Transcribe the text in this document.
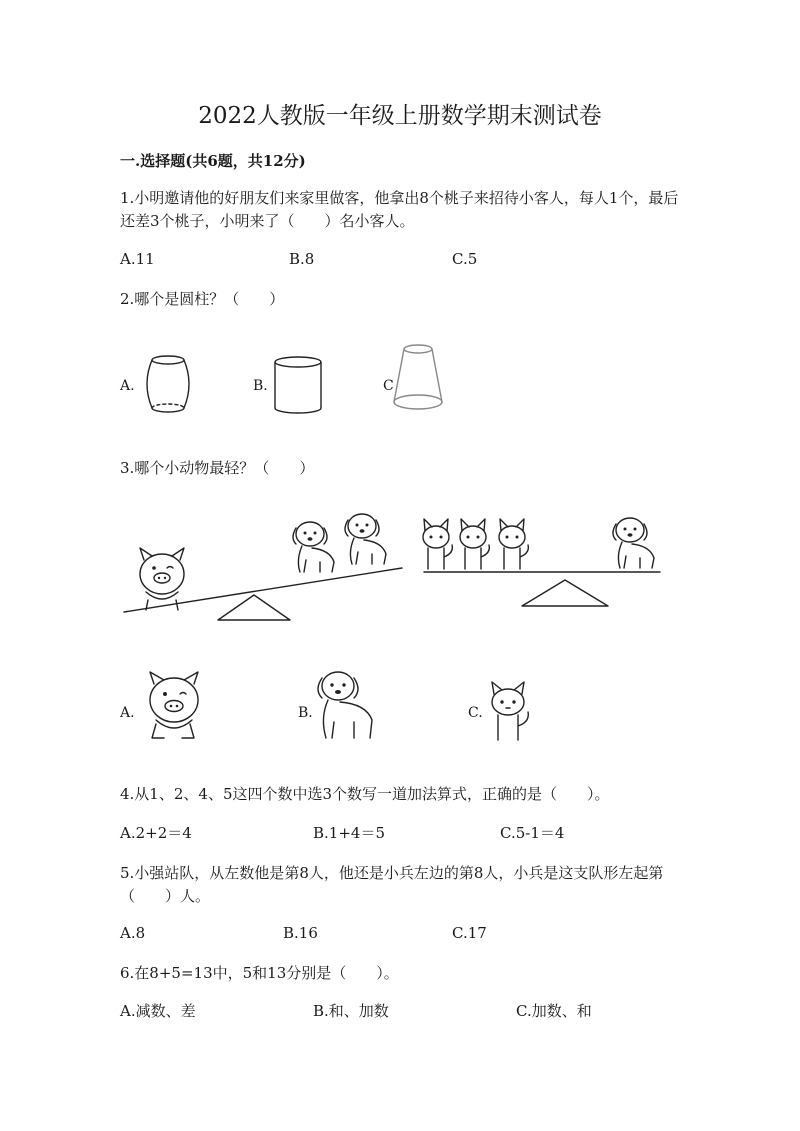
2022人教版一年级上册数学期末测试卷
一.选择题(共6题，共12分)
1.小明邀请他的好朋友们来家里做客，他拿出8个桃子来招待小客人，每人1个，最后还差3个桃子，小明来了（　　）名小客人。
A.11	B.8	C.5
2.哪个是圆柱？（　　）
A.	B.	C
3.哪个小动物最轻？（　　）
A.	B.	C.
4.从1、2、4、5这四个数中选3个数写一道加法算式，正确的是（　　）。
A.2+2＝4	B.1+4＝5	C.5-1＝4
5.小强站队，从左数他是第8人，他还是小兵左边的第8人，小兵是这支队形左起第（　　）人。
A.8	B.16	C.17
6.在8+5=13中，5和13分别是（　　）。
A.减数、差	B.和、加数	C.加数、和
